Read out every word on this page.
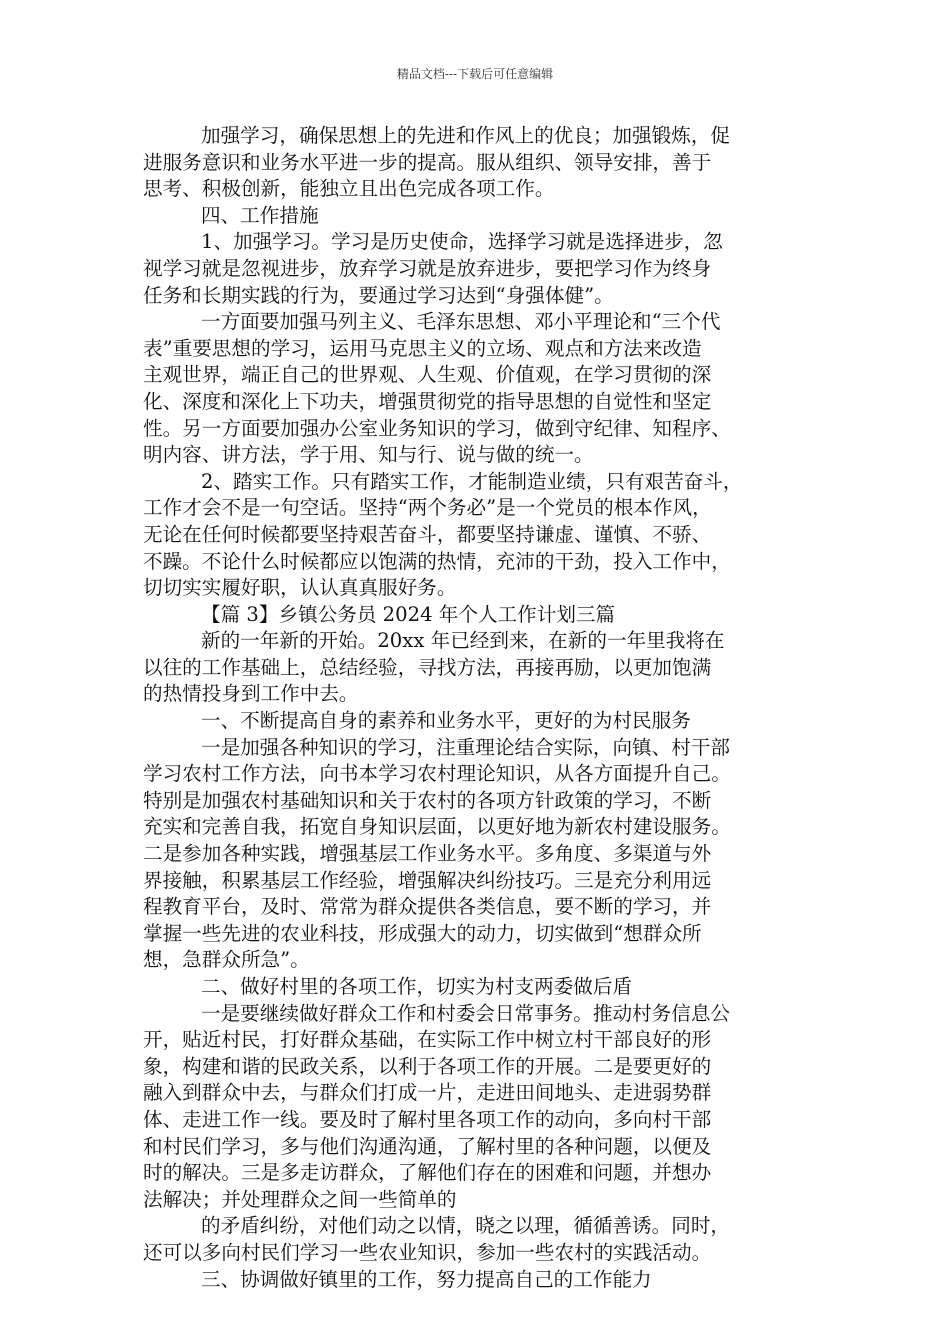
精品文档---下载后可任意编辑
加强学习，确保思想上的先进和作风上的优良；加强锻炼，促
进服务意识和业务水平进一步的提高。服从组织、领导安排，善于
思考、积极创新，能独立且出色完成各项工作。
四、工作措施
1、加强学习。学习是历史使命，选择学习就是选择进步，忽
视学习就是忽视进步，放弃学习就是放弃进步，要把学习作为终身
任务和长期实践的行为，要通过学习达到“身强体健”。
一方面要加强马列主义、毛泽东思想、邓小平理论和“三个代
表”重要思想的学习，运用马克思主义的立场、观点和方法来改造
主观世界，端正自己的世界观、人生观、价值观，在学习贯彻的深
化、深度和深化上下功夫，增强贯彻党的指导思想的自觉性和坚定
性。另一方面要加强办公室业务知识的学习，做到守纪律、知程序、
明内容、讲方法，学于用、知与行、说与做的统一。
2、踏实工作。只有踏实工作，才能制造业绩，只有艰苦奋斗，
工作才会不是一句空话。坚持“两个务必”是一个党员的根本作风，
无论在任何时候都要坚持艰苦奋斗，都要坚持谦虚、谨慎、不骄、
不躁。不论什么时候都应以饱满的热情，充沛的干劲，投入工作中，
切切实实履好职，认认真真服好务。
【篇 3】乡镇公务员 2024 年个人工作计划三篇
新的一年新的开始。20xx 年已经到来，在新的一年里我将在
以往的工作基础上，总结经验，寻找方法，再接再励，以更加饱满
的热情投身到工作中去。
一、不断提高自身的素养和业务水平，更好的为村民服务
一是加强各种知识的学习，注重理论结合实际，向镇、村干部
学习农村工作方法，向书本学习农村理论知识，从各方面提升自己。
特别是加强农村基础知识和关于农村的各项方针政策的学习，不断
充实和完善自我，拓宽自身知识层面，以更好地为新农村建设服务。
二是参加各种实践，增强基层工作业务水平。多角度、多渠道与外
界接触，积累基层工作经验，增强解决纠纷技巧。三是充分利用远
程教育平台，及时、常常为群众提供各类信息，要不断的学习，并
掌握一些先进的农业科技，形成强大的动力，切实做到“想群众所
想，急群众所急”。
二、做好村里的各项工作，切实为村支两委做后盾
一是要继续做好群众工作和村委会日常事务。推动村务信息公
开，贴近村民，打好群众基础，在实际工作中树立村干部良好的形
象，构建和谐的民政关系，以利于各项工作的开展。二是要更好的
融入到群众中去，与群众们打成一片，走进田间地头、走进弱势群
体、走进工作一线。要及时了解村里各项工作的动向，多向村干部
和村民们学习，多与他们沟通沟通，了解村里的各种问题，以便及
时的解决。三是多走访群众，了解他们存在的困难和问题，并想办
法解决；并处理群众之间一些简单的
的矛盾纠纷，对他们动之以情，晓之以理，循循善诱。同时，
还可以多向村民们学习一些农业知识，参加一些农村的实践活动。
三、协调做好镇里的工作，努力提高自己的工作能力
